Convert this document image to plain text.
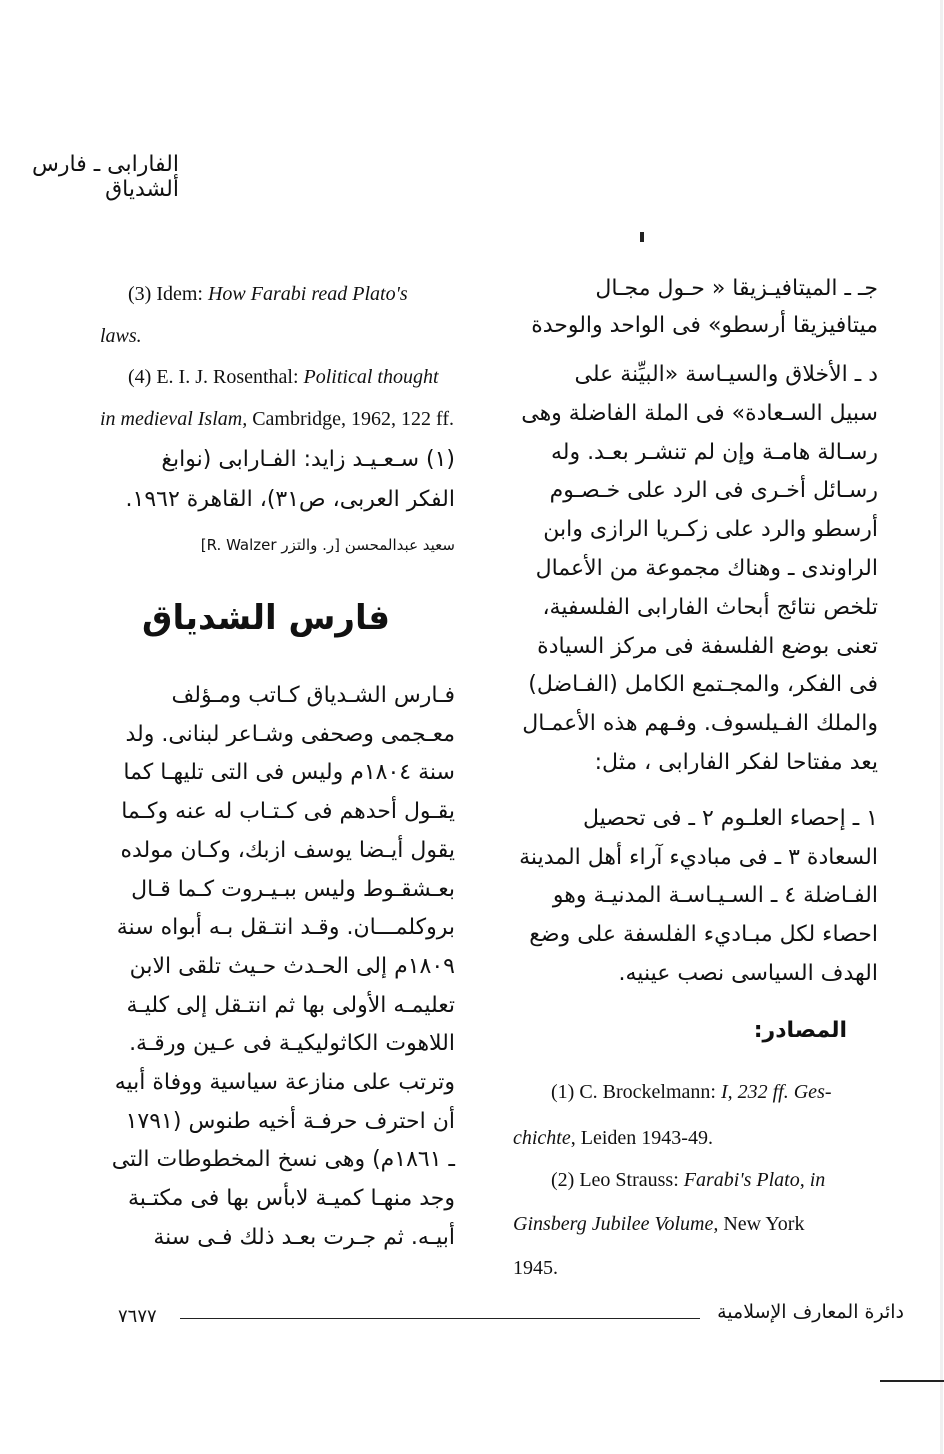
الفارابى ـ فارس ألشدياق
جـ ـ الميتافيـزيقا « حـول مجـال
ميتافيزيقا أرسطو» فى الواحد والوحدة
د ـ الأخلاق والسيـاسة «البيِّنة على
سبيل السـعادة» فى الملة الفاضلة وهى
رسـالة هامـة وإن لم تنشـر بعـد. وله
رسـائل أخـرى فى الرد على خـصـوم
أرسطو والرد على زكـريا الرازى وابن
الراوندى ـ وهناك مجموعة من الأعمال
تلخص نتائج أبحاث الفارابى الفلسفية،
تعنى بوضع الفلسفة فى مركز السيادة
فى الفكر، والمجـتمع الكامل (الفـاضل)
والملك الفـيلسوف. وفـهم هذه الأعمـال
يعد مفتاحا لفكر الفارابى ، مثل:
١ ـ إحصاء العلـوم ٢ ـ فى تحصيل
السعادة ٣ ـ فى مباديء آراء أهل المدينة
الفـاضلة ٤ ـ السـيـاسـة المدنيـة وهو
احصاء لكل مبـاديء الفلسفة على وضع
الهدف السياسى نصب عينيه.
المصادر:
(1) C. Brockelmann: I, 232 ff. Ges-
chichte, Leiden 1943-49.
(2) Leo Strauss: Farabi's Plato, in
Ginsberg Jubilee Volume, New York
1945.
(3) Idem: How Farabi read Plato's
laws.
(4) E. I. J. Rosenthal: Political thought
in medieval Islam, Cambridge, 1962, 122 ff.
(١) سـعـيـد زايد: الفـارابى (نوابغ
الفكر العربى، ص٣١)، القاهرة ١٩٦٢.
سعيد عبدالمحسن [ر. والتزر R. Walzer]
فارس الشدياق
فـارس الشـدياق كـاتب ومـؤلف
معـجمى وصحفى وشـاعر لبنانى. ولد
سنة ١٨٠٤م وليس فى التى تليهـا كما
يقـول أحدهم فى كـتـاب له عنه وكـما
يقول أيـضا يوسف ازبك، وكـان مولده
بعـشقـوط وليس ببـيـروت كـما قـال
بروكلمـــان. وقـد انتـقل بـه أبواه سنة
١٨٠٩م إلى الحـدث حـيث تلقى الابن
تعليمـه الأولى بها ثم انتـقل إلى كليـة
اللاهوت الكاثوليكيـة فى عـين ورقـة.
وترتب على منازعة سياسية ووفاة أبيه
أن احترف حرفـة أخيه طنوس (١٧٩١
ـ ١٨٦١م) وهى نسخ المخطوطات التى
وجد منهـا كميـة لابأس بها فى مكتـبة
أبيـه. ثم جـرت بعـد ذلك فـى سنة
٧٦٧٧	دائرة المعارف الإسلامية
